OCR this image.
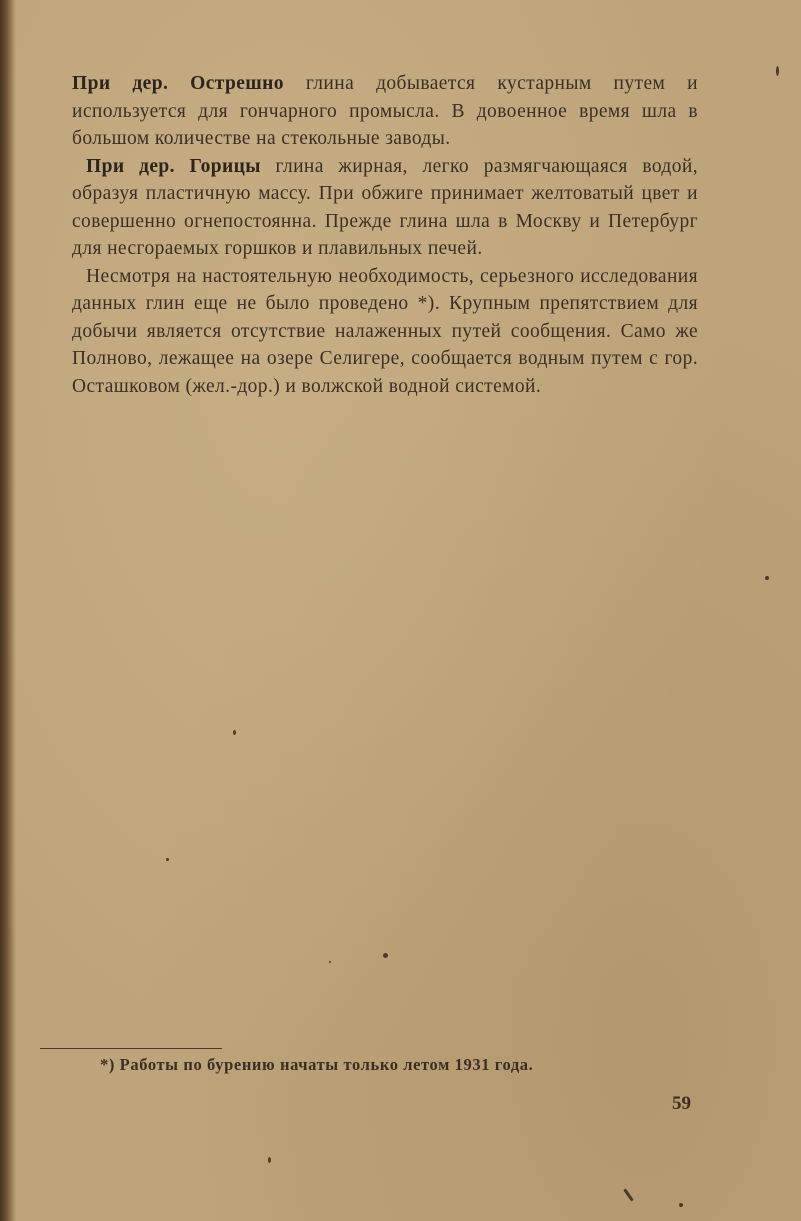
При дер. Острешно глина добывается кустарным путем и используется для гончарного промысла. В довоенное время шла в большом количестве на стекольные заводы.

При дер. Горицы глина жирная, легко размягчающаяся водой, образуя пластичную массу. При обжиге принимает желтоватый цвет и совершенно огнепостоянна. Прежде глина шла в Москву и Петербург для несгораемых горшков и плавильных печей.

Несмотря на настоятельную необходимость, серьезного исследования данных глин еще не было проведено *). Крупным препятствием для добычи является отсутствие налаженных путей сообщения. Само же Полново, лежащее на озере Селигере, сообщается водным путем с гор. Осташковом (жел.-дор.) и волжской водной системой.

*) Работы по бурению начаты только летом 1931 года.
59
